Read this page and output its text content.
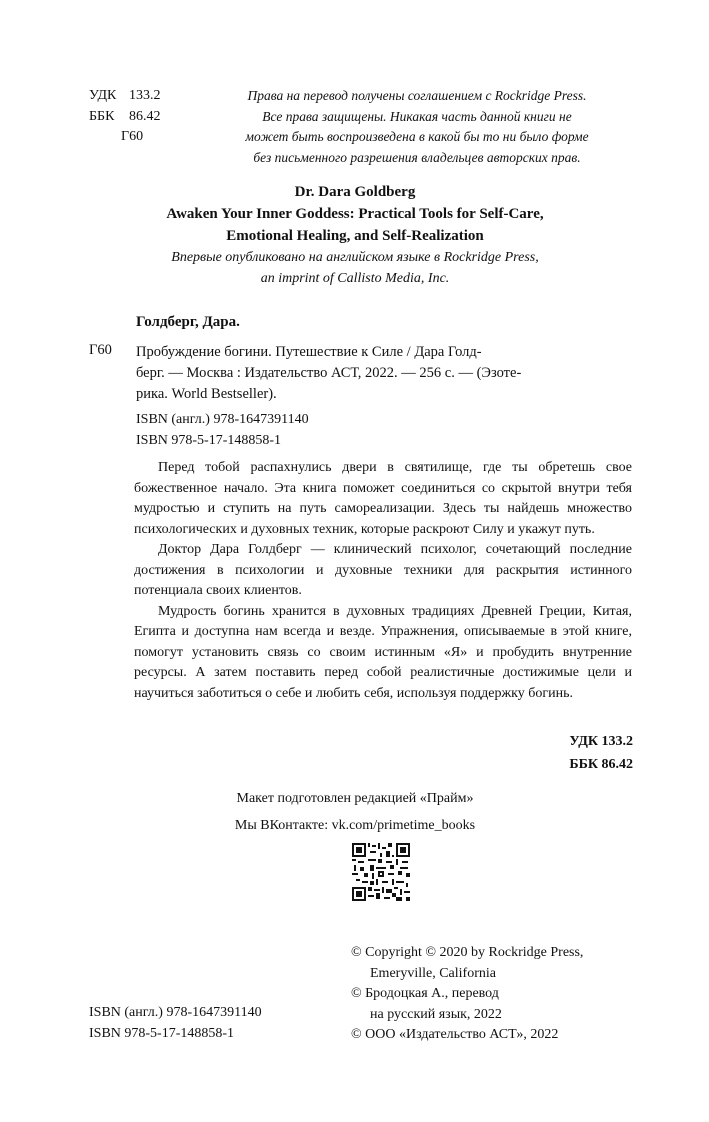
УДК 133.2
ББК	86.42
Г60
Права на перевод получены соглашением с Rockridge Press.
Все права защищены. Никакая часть данной книги не
может быть воспроизведена в какой бы то ни было форме
без письменного разрешения владельцев авторских прав.
Dr. Dara Goldberg
Awaken Your Inner Goddess: Practical Tools for Self-Care,
Emotional Healing, and Self-Realization
Впервые опубликовано на английском языке в Rockridge Press,
an imprint of Callisto Media, Inc.
Голдберг, Дара.
Г60 Пробуждение богини. Путешествие к Силе / Дара Голд-
берг. — Москва : Издательство АСТ, 2022. — 256 с. — (Эзоте-
рика. World Bestseller).
ISBN (англ.) 978-1647391140
ISBN 978-5-17-148858-1

Перед тобой распахнулись двери в святилище, где ты обретешь свое божественное начало. Эта книга поможет соединиться со скрытой внутри тебя мудростью и ступить на путь самореализации. Здесь ты найдешь множество психологических и духовных техник, которые раскроют Силу и укажут путь.

Доктор Дара Голдберг — клинический психолог, сочетающий последние достижения в психологии и духовные техники для раскрытия истинного потенциала своих клиентов.

Мудрость богинь хранится в духовных традициях Древней Греции, Китая, Египта и доступна нам всегда и везде. Упражнения, описываемые в этой книге, помогут установить связь со своим истинным «Я» и пробудить внутренние ресурсы. А затем поставить перед собой реалистичные достижимые цели и научиться заботиться о себе и любить себя, используя поддержку богинь.

УДК 133.2
ББК 86.42
Макет подготовлен редакцией «Прайм»
Мы ВКонтакте: vk.com/primetime_books
© Copyright © 2020 by Rockridge Press,
Emeryville, California
© Бродоцкая А., перевод
на русский язык, 2022
© ООО «Издательство АСТ», 2022
ISBN (англ.) 978-1647391140
ISBN 978-5-17-148858-1
